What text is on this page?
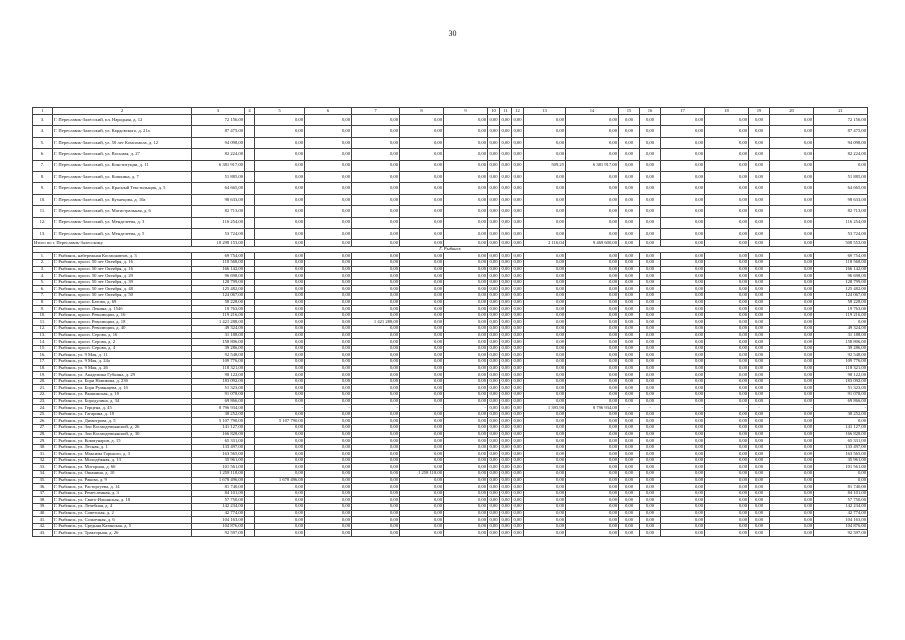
30
1	2	3	4	5	6	7	8	9	10	11	12	13	14	15	16	17	18	19	20	21
3.	Г. Переславль-Залесский, пл. Народная, д. 12	72 156,00		0,00	0,00	0,00	0,00	0,00	0,00	0,00	0,00	0,00	0,00	0,00	0,00	0,00	0,00	0,00	0,00	72 156,00
4.	Г. Переславль-Залесский, ул. Кардовского, д. 21а	87 475,00		0,00	0,00	0,00	0,00	0,00	0,00	0,00	0,00	0,00	0,00	0,00	0,00	0,00	0,00	0,00	0,00	87 475,00
5.	Г. Переславль-Залесский, ул. 50 лет Комсомола, д. 12	94 098,00		0,00	0,00	0,00	0,00	0,00	0,00	0,00	0,00	0,00	0,00	0,00	0,00	0,00	0,00	0,00	0,00	94 098,00
6.	Г. Переславль-Залесский, ул. Восьмая, д. 27	82 224,00		0,00	0,00	0,00	0,00	0,00	0,00	0,00	0,00	0,00	0,00	0,00	0,00	0,00	0,00	0,00	0,00	82 224,00
7.	Г. Переславль-Залесский, ул. Конституции, д. 11	6 381 917,00		0,00	0,00	0,00	0,00	0,00	0,00	0,00	0,00	509,25	6 381 917,00	0,00	0,00	0,00	0,00	0,00	0,00	0,00
8.	Г. Переславль-Залесский, ул. Кошкина, д. 7	51 885,00		0,00	0,00	0,00	0,00	0,00	0,00	0,00	0,00	0,00	0,00	0,00	0,00	0,00	0,00	0,00	0,00	51 885,00
9.	Г. Переславль-Залесский, ул. Красный Текстильщик, д. 5	64 665,00		0,00	0,00	0,00	0,00	0,00	0,00	0,00	0,00	0,00	0,00	0,00	0,00	0,00	0,00	0,00	0,00	64 665,00
10.	Г. Переславль-Залесский, ул. Кузнецова, д. 10а	98 633,00		0,00	0,00	0,00	0,00	0,00	0,00	0,00	0,00	0,00	0,00	0,00	0,00	0,00	0,00	0,00	0,00	98 633,00
11.	Г. Переславль-Залесский, ул. Магистральная, д. 6	82 713,00		0,00	0,00	0,00	0,00	0,00	0,00	0,00	0,00	0,00	0,00	0,00	0,00	0,00	0,00	0,00	0,00	82 713,00
12.	Г. Переславль-Залесский, ул. Менделеева, д. 3	116 254,00		0,00	0,00	0,00	0,00	0,00	0,00	0,00	0,00	0,00	0,00	0,00	0,00	0,00	0,00	0,00	0,00	116 254,00
13.	Г. Переславль-Залесский, ул. Менделеева, д. 5	53 724,00		0,00	0,00	0,00	0,00	0,00	0,00	0,00	0,00	0,00	0,00	0,00	0,00	0,00	0,00	0,00	0,00	53 724,00
Итого по г. Переславль-Залесскому		10 298 153,00		0,00	0,00	0,00	0,00	0,00	0,00	0,00	0,00	2 116,04	9 469 600,00	0,00	0,00	0,00	0,00	0,00	0,00	508 553,00
Г. Рыбинск																				
1.	Г. Рыбинск, набережная Космонавтов, д. 3	69 754,00		0,00	0,00	0,00	0,00	0,00	0,00	0,00	0,00	0,00	0,00	0,00	0,00	0,00	0,00	0,00	0,00	69 754,00
2.	Г. Рыбинск, просп. 50 лет Октября, д. 16	118 568,00		0,00	0,00	0,00	0,00	0,00	0,00	0,00	0,00	0,00	0,00	0,00	0,00	0,00	0,00	0,00	0,00	118 568,00
3.	Г. Рыбинск, просп. 50 лет Октября, д. 16	166 142,00		0,00	0,00	0,00	0,00	0,00	0,00	0,00	0,00	0,00	0,00	0,00	0,00	0,00	0,00	0,00	0,00	166 142,00
4.	Г. Рыбинск, просп. 50 лет Октября, д. 29	96 698,00		0,00	0,00	0,00	0,00	0,00	0,00	0,00	0,00	0,00	0,00	0,00	0,00	0,00	0,00	0,00	0,00	96 698,00
5.	Г. Рыбинск, просп. 50 лет Октября, д. 39	128 799,00		0,00	0,00	0,00	0,00	0,00	0,00	0,00	0,00	0,00	0,00	0,00	0,00	0,00	0,00	0,00	0,00	128 799,00
6.	Г. Рыбинск, просп. 50 лет Октября, д. 48	125 482,00		0,00	0,00	0,00	0,00	0,00	0,00	0,00	0,00	0,00	0,00	0,00	0,00	0,00	0,00	0,00	0,00	125 482,00
7.	Г. Рыбинск, просп. 50 лет Октября, д. 50	124 067,00		0,00	0,00	0,00	0,00	0,00	0,00	0,00	0,00	0,00	0,00	0,00	0,00	0,00	0,00	0,00	0,00	124 067,00
8.	Г. Рыбинск, просп. Батова, д. 69	58 228,00		0,00	0,00	0,00	0,00	0,00	0,00	0,00	0,00	0,00	0,00	0,00	0,00	0,00	0,00	0,00	0,00	58 228,00
9.	Г. Рыбинск, просп. Ленина, д. 154б	19 763,00		0,00	0,00	0,00	0,00	0,00	0,00	0,00	0,00	0,00	0,00	0,00	0,00	0,00	0,00	0,00	0,00	19 763,00
10.	Г. Рыбинск, просп. Революции, д. 16	119 216,00		0,00	0,00	0,00	0,00	0,00	0,00	0,00	0,00	0,00	0,00	0,00	0,00	0,00	0,00	0,00	0,00	119 216,00
11.	Г. Рыбинск, просп. Революции, д. 18	1 421 288,00		0,00	0,00	1 421 288,00	0,00	0,00	0,00	0,00	0,00	0,00	0,00	0,00	0,00	0,00	0,00	0,00	0,00	0,00
12.	Г. Рыбинск, просп. Революции, д. 40	49 324,00		0,00	0,00	0,00	0,00	0,00	0,00	0,00	0,00	0,00	0,00	0,00	0,00	0,00	0,00	0,00	0,00	49 324,00
13.	Г. Рыбинск, просп. Серова, д. 16	31 188,00		0,00	0,00	0,00	0,00	0,00	0,00	0,00	0,00	0,00	0,00	0,00	0,00	0,00	0,00	0,00	0,00	31 188,00
14.	Г. Рыбинск, просп. Серова, д. 2	158 806,00		0,00	0,00	0,00	0,00	0,00	0,00	0,00	0,00	0,00	0,00	0,00	0,00	0,00	0,00	0,00	0,00	158 806,00
15.	Г. Рыбинск, просп. Серова, д. 4	39 286,00		0,00	0,00	0,00	0,00	0,00	0,00	0,00	0,00	0,00	0,00	0,00	0,00	0,00	0,00	0,00	0,00	39 286,00
16.	Г. Рыбинск, ул. 9 Мая, д. 11	92 548,00		0,00	0,00	0,00	0,00	0,00	0,00	0,00	0,00	0,00	0,00	0,00	0,00	0,00	0,00	0,00	0,00	92 548,00
17.	Г. Рыбинск, ул. 9 Мая, д. 24а	109 776,00		0,00	0,00	0,00	0,00	0,00	0,00	0,00	0,00	0,00	0,00	0,00	0,00	0,00	0,00	0,00	0,00	109 776,00
18.	Г. Рыбинск, ул. 9 Мая, д. 26	118 321,00		0,00	0,00	0,00	0,00	0,00	0,00	0,00	0,00	0,00	0,00	0,00	0,00	0,00	0,00	0,00	0,00	118 321,00
19.	Г. Рыбинск, ул. Академика Губкина, д. 29	98 122,00		0,00	0,00	0,00	0,00	0,00	0,00	0,00	0,00	0,00	0,00	0,00	0,00	0,00	0,00	0,00	0,00	98 122,00
20.	Г. Рыбинск, ул. Бори Новикова, д. 23б	183 092,00		0,00	0,00	0,00	0,00	0,00	0,00	0,00	0,00	0,00	0,00	0,00	0,00	0,00	0,00	0,00	0,00	183 092,00
21.	Г. Рыбинск, ул. Бори Румянцева, д. 1б	51 323,00		0,00	0,00	0,00	0,00	0,00	0,00	0,00	0,00	0,00	0,00	0,00	0,00	0,00	0,00	0,00	0,00	51 323,00
22.	Г. Рыбинск, ул. Вышинская, д. 10	91 078,00		0,00	0,00	0,00	0,00	0,00	0,00	0,00	0,00	0,00	0,00	0,00	0,00	0,00	0,00	0,00	0,00	91 078,00
23.	Г. Рыбинск, ул. Бородулина, д. 34	69 866,00		0,00	0,00	0,00	0,00	0,00	0,00	0,00	0,00	0,00	0,00	0,00	0,00	0,00	0,00	0,00	0,00	69 866,00
24.	Г. Рыбинск, ул. Герцена, д. 45	8 796 934,00		-	-	-	-	-	0,00	0,00	0,00	1 395,90	8 796 934,00	-	-	-	-	-	-	-
25.	Г. Рыбинск, ул. Гагарина, д. 18	38 252,00		0,00	0,00	0,00	0,00	0,00	0,00	0,00	0,00	0,00	0,00	0,00	0,00	0,00	0,00	0,00	0,00	38 252,00
26.	Г. Рыбинск, ул. Димитрова, д. 5	5 107 790,00		5 107 790,00	0,00	0,00	0,00	0,00	0,00	0,00	0,00	0,00	0,00	0,00	0,00	0,00	0,00	0,00	0,00	0,00
27.	Г. Рыбинск, ул. Зои Космодемьянской, д. 26	141 127,00		0,00	0,00	0,00	0,00	0,00	0,00	0,00	0,00	0,00	0,00	0,00	0,00	0,00	0,00	0,00	0,00	141 127,00
28.	Г. Рыбинск, ул. Зои Космодемьянской, д. 30	166 828,00		0,00	0,00	0,00	0,00	0,00	0,00	0,00	0,00	0,00	0,00	0,00	0,00	0,00	0,00	0,00	0,00	166 828,00
29.	Г. Рыбинск, ул. Коммунаров, д. 15	65 331,00		0,00	0,00	0,00	0,00	0,00	0,00	0,00	0,00	0,00	0,00	0,00	0,00	0,00	0,00	0,00	0,00	65 331,00
30.	Г. Рыбинск, ул. Лесная, д. 1	133 497,00		0,00	0,00	0,00	0,00	0,00	0,00	0,00	0,00	0,00	0,00	0,00	0,00	0,00	0,00	0,00	0,00	133 497,00
31.	Г. Рыбинск, ул. Максима Горького, д. 3	163 565,00		0,00	0,00	0,00	0,00	0,00	0,00	0,00	0,00	0,00	0,00	0,00	0,00	0,00	0,00	0,00	0,00	163 565,00
32.	Г. Рыбинск, ул. Молодёжная, д. 13	35 961,00		0,00	0,00	0,00	0,00	0,00	0,00	0,00	0,00	0,00	0,00	0,00	0,00	0,00	0,00	0,00	0,00	35 961,00
33.	Г. Рыбинск, ул. Моторная, д. 66	101 561,00		0,00	0,00	0,00	0,00	0,00	0,00	0,00	0,00	0,00	0,00	0,00	0,00	0,00	0,00	0,00	0,00	101 561,00
34.	Г. Рыбинск, ул. Ошанина, д. 10	1 258 118,00		0,00	0,00	0,00	1 258 118,00	0,00	0,00	0,00	0,00	0,00	0,00	0,00	0,00	0,00	0,00	0,00	0,00	0,00
35.	Г. Рыбинск, ул. Ракова, д. 9	1 678 496,00		1 678 496,00	0,00	0,00	0,00	0,00	0,00	0,00	0,00	0,00	0,00	0,00	0,00	0,00	0,00	0,00	0,00	0,00
36.	Г. Рыбинск, ул. Расторгуева, д. 14	81 740,00		0,00	0,00	0,00	0,00	0,00	0,00	0,00	0,00	0,00	0,00	0,00	0,00	0,00	0,00	0,00	0,00	81 740,00
37.	Г. Рыбинск, ул. Ремесленная, д. 3	84 101,00		0,00	0,00	0,00	0,00	0,00	0,00	0,00	0,00	0,00	0,00	0,00	0,00	0,00	0,00	0,00	0,00	84 101,00
38.	Г. Рыбинск, ул. Свято-Ильинская, д. 18	57 750,00		0,00	0,00	0,00	0,00	0,00	0,00	0,00	0,00	0,00	0,00	0,00	0,00	0,00	0,00	0,00	0,00	57 750,00
39.	Г. Рыбинск, ул. Лечебная, д. 4	142 234,00		0,00	0,00	0,00	0,00	0,00	0,00	0,00	0,00	0,00	0,00	0,00	0,00	0,00	0,00	0,00	0,00	142 234,00
40.	Г. Рыбинск, ул. Советская, д. 2	42 774,00		0,00	0,00	0,00	0,00	0,00	0,00	0,00	0,00	0,00	0,00	0,00	0,00	0,00	0,00	0,00	0,00	42 774,00
41.	Г. Рыбинск, ул. Солнечная, д. 6	104 163,00		0,00	0,00	0,00	0,00	0,00	0,00	0,00	0,00	0,00	0,00	0,00	0,00	0,00	0,00	0,00	0,00	104 163,00
42.	Г. Рыбинск, ул. Средняя Казанская, д. 5	104 876,00		0,00	0,00	0,00	0,00	0,00	0,00	0,00	0,00	0,00	0,00	0,00	0,00	0,00	0,00	0,00	0,00	104 876,00
43.	Г. Рыбинск, ул. Тракторная, д. 26	92 597,00		0,00	0,00	0,00	0,00	0,00	0,00	0,00	0,00	0,00	0,00	0,00	0,00	0,00	0,00	0,00	0,00	92 597,00
